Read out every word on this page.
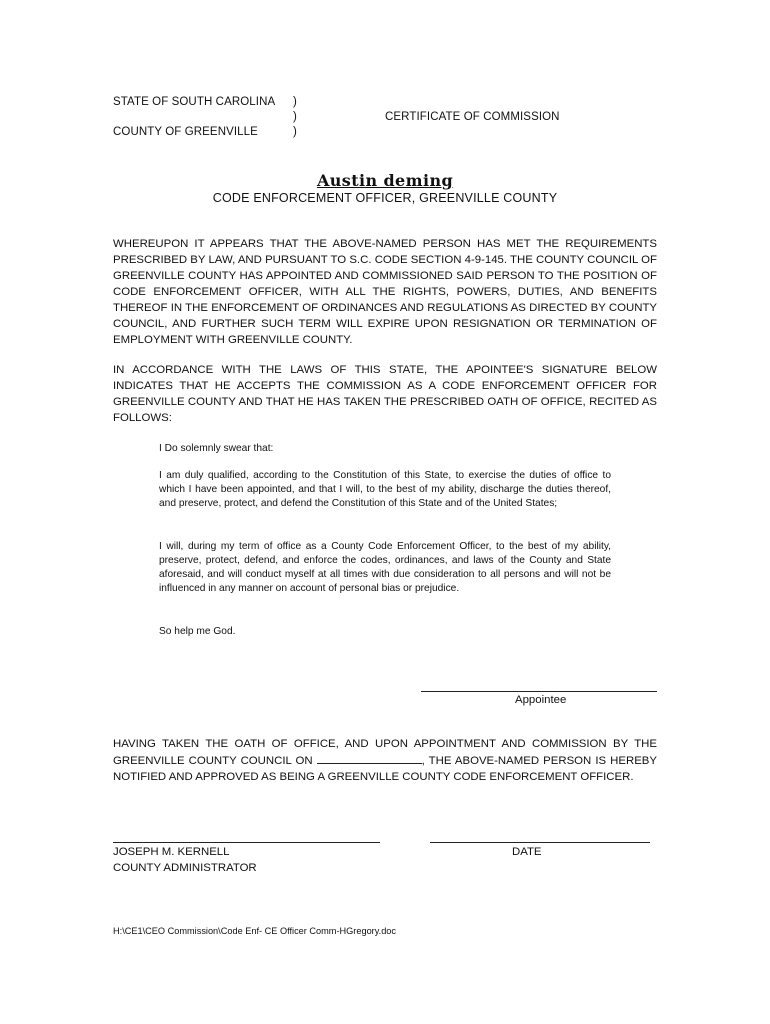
STATE OF SOUTH CAROLINA )
)
)
CERTIFICATE OF COMMISSION
COUNTY OF GREENVILLE
Austin deming
CODE ENFORCEMENT OFFICER, GREENVILLE COUNTY
WHEREUPON IT APPEARS THAT THE ABOVE-NAMED PERSON HAS MET THE REQUIREMENTS PRESCRIBED BY LAW, AND PURSUANT TO S.C. CODE SECTION 4-9-145. THE COUNTY COUNCIL OF GREENVILLE COUNTY HAS APPOINTED AND COMMISSIONED SAID PERSON TO THE POSITION OF CODE ENFORCEMENT OFFICER, WITH ALL THE RIGHTS, POWERS, DUTIES, AND BENEFITS THEREOF IN THE ENFORCEMENT OF ORDINANCES AND REGULATIONS AS DIRECTED BY COUNTY COUNCIL, AND FURTHER SUCH TERM WILL EXPIRE UPON RESIGNATION OR TERMINATION OF EMPLOYMENT WITH GREENVILLE COUNTY.
IN ACCORDANCE WITH THE LAWS OF THIS STATE, THE APOINTEE'S SIGNATURE BELOW INDICATES THAT HE ACCEPTS THE COMMISSION AS A CODE ENFORCEMENT OFFICER FOR GREENVILLE COUNTY AND THAT HE HAS TAKEN THE PRESCRIBED OATH OF OFFICE, RECITED AS FOLLOWS:
I Do solemnly swear that:
I am duly qualified, according to the Constitution of this State, to exercise the duties of office to which I have been appointed, and that I will, to the best of my ability, discharge the duties thereof, and preserve, protect, and defend the Constitution of this State and of the United States;
I will, during my term of office as a County Code Enforcement Officer, to the best of my ability, preserve, protect, defend, and enforce the codes, ordinances, and laws of the County and State aforesaid, and will conduct myself at all times with due consideration to all persons and will not be influenced in any manner on account of personal bias or prejudice.
So help me God.
Appointee
HAVING TAKEN THE OATH OF OFFICE, AND UPON APPOINTMENT AND COMMISSION BY THE GREENVILLE COUNTY COUNCIL ON	, THE ABOVE-NAMED PERSON IS HEREBY NOTIFIED AND APPROVED AS BEING A GREENVILLE COUNTY CODE ENFORCEMENT OFFICER.
JOSEPH M. KERNELL
COUNTY ADMINISTRATOR
DATE
H:\CE1\CEO Commission\Code Enf- CE Officer Comm-HGregory.doc
